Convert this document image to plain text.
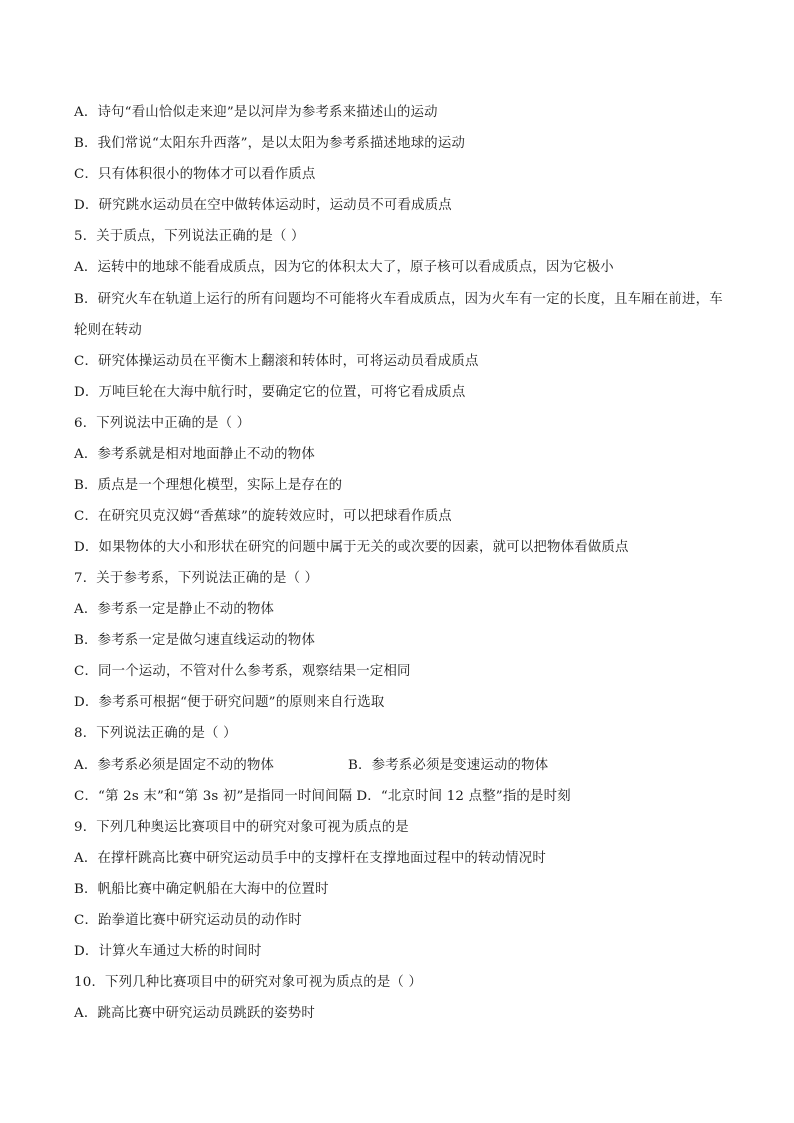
A．诗句“看山恰似走来迎”是以河岸为参考系来描述山的运动
B．我们常说“太阳东升西落”，是以太阳为参考系描述地球的运动
C．只有体积很小的物体才可以看作质点
D．研究跳水运动员在空中做转体运动时，运动员不可看成质点
5．关于质点，下列说法正确的是（ ）
A．运转中的地球不能看成质点，因为它的体积太大了，原子核可以看成质点，因为它极小
B．研究火车在轨道上运行的所有问题均不可能将火车看成质点，因为火车有一定的长度，且车厢在前进，车轮则在转动
C．研究体操运动员在平衡木上翻滚和转体时，可将运动员看成质点
D．万吨巨轮在大海中航行时，要确定它的位置，可将它看成质点
6．下列说法中正确的是（ ）
A．参考系就是相对地面静止不动的物体
B．质点是一个理想化模型，实际上是存在的
C．在研究贝克汉姆“香蕉球”的旋转效应时，可以把球看作质点
D．如果物体的大小和形状在研究的问题中属于无关的或次要的因素，就可以把物体看做质点
7．关于参考系，下列说法正确的是（ ）
A．参考系一定是静止不动的物体
B．参考系一定是做匀速直线运动的物体
C．同一个运动，不管对什么参考系，观察结果一定相同
D．参考系可根据“便于研究问题”的原则来自行选取
8．下列说法正确的是（ ）
A．参考系必须是固定不动的物体	B．参考系必须是变速运动的物体
C．“第 2s 末”和“第 3s 初”是指同一时间间隔 D．“北京时间 12 点整”指的是时刻
9．下列几种奥运比赛项目中的研究对象可视为质点的是
A．在撑杆跳高比赛中研究运动员手中的支撑杆在支撑地面过程中的转动情况时
B．帆船比赛中确定帆船在大海中的位置时
C．跆拳道比赛中研究运动员的动作时
D．计算火车通过大桥的时间时
10．下列几种比赛项目中的研究对象可视为质点的是（ ）
A．跳高比赛中研究运动员跳跃的姿势时
